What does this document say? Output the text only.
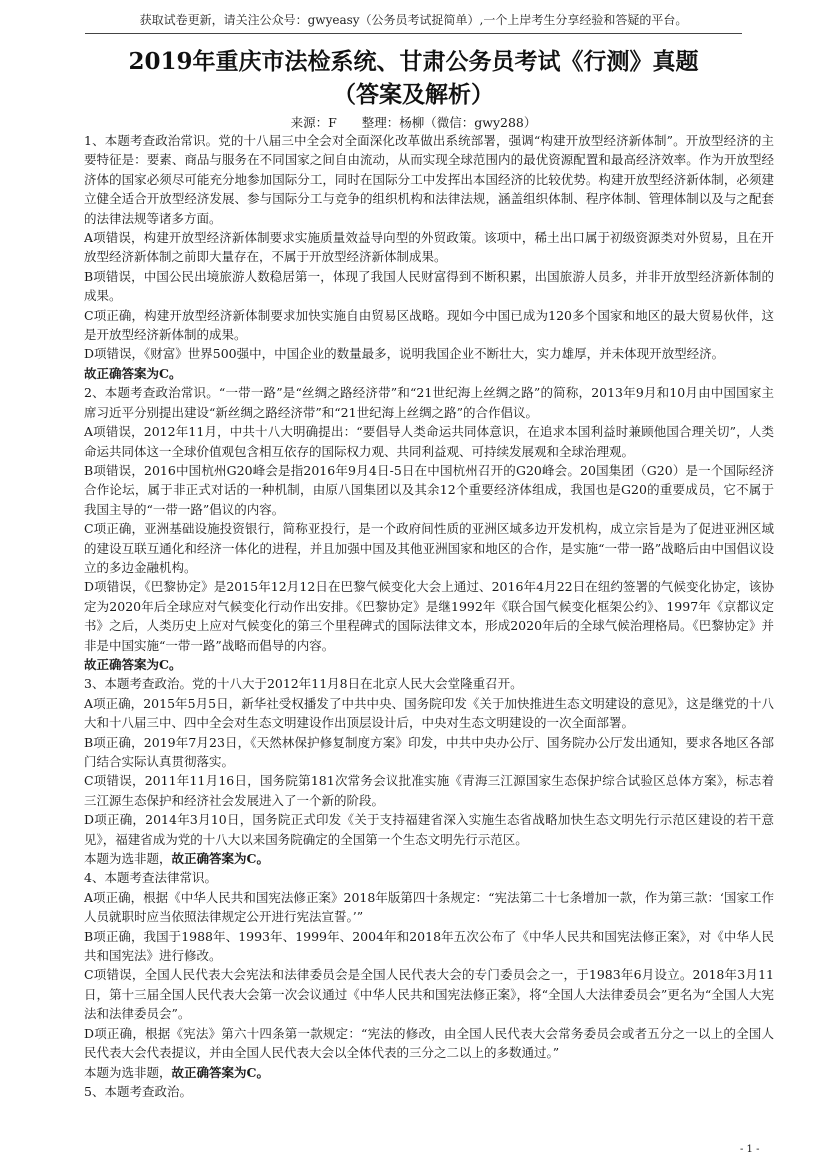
获取试卷更新，请关注公众号：gwyeasy（公务员考试捉简单）,一个上岸考生分享经验和答疑的平台。
2019年重庆市法检系统、甘肃公务员考试《行测》真题
（答案及解析）
来源：F　　整理：杨柳（微信：gwy288）

1、本题考查政治常识。党的十八届三中全会对全面深化改革做出系统部署，强调“构建开放型经济新体制”。开放型经济的主要特征是：要素、商品与服务在不同国家之间自由流动，从而实现全球范围内的最优资源配置和最高经济效率。作为开放型经济体的国家必须尽可能充分地参加国际分工，同时在国际分工中发挥出本国经济的比较优势。构建开放型经济新体制，必须建立健全适合开放型经济发展、参与国际分工与竞争的组织机构和法律法规，涵盖组织体制、程序体制、管理体制以及与之配套的法律法规等诸多方面。

A项错误，构建开放型经济新体制要求实施质量效益导向型的外贸政策。该项中，稀土出口属于初级资源类对外贸易，且在开放型经济新体制之前即大量存在，不属于开放型经济新体制成果。

B项错误，中国公民出境旅游人数稳居第一，体现了我国人民财富得到不断积累，出国旅游人员多，并非开放型经济新体制的成果。

C项正确，构建开放型经济新体制要求加快实施自由贸易区战略。现如今中国已成为120多个国家和地区的最大贸易伙伴，这是开放型经济新体制的成果。

D项错误，《财富》世界500强中，中国企业的数量最多，说明我国企业不断壮大，实力雄厚，并未体现开放型经济。

故正确答案为C。

2、本题考查政治常识。“一带一路”是“丝绸之路经济带”和“21世纪海上丝绸之路”的简称，2013年9月和10月由中国国家主席习近平分别提出建设“新丝绸之路经济带”和“21世纪海上丝绸之路”的合作倡议。

A项错误，2012年11月，中共十八大明确提出：“要倡导人类命运共同体意识，在追求本国利益时兼顾他国合理关切”，人类命运共同体这一全球价值观包含相互依存的国际权力观、共同利益观、可持续发展观和全球治理观。

B项错误，2016中国杭州G20峰会是指2016年9月4日-5日在中国杭州召开的G20峰会。20国集团（G20）是一个国际经济合作论坛，属于非正式对话的一种机制，由原八国集团以及其余12个重要经济体组成，我国也是G20的重要成员，它不属于我国主导的“一带一路”倡议的内容。

C项正确，亚洲基础设施投资银行，简称亚投行，是一个政府间性质的亚洲区域多边开发机构，成立宗旨是为了促进亚洲区域的建设互联互通化和经济一体化的进程，并且加强中国及其他亚洲国家和地区的合作，是实施“一带一路”战略后由中国倡议设立的多边金融机构。

D项错误，《巴黎协定》是2015年12月12日在巴黎气候变化大会上通过、2016年4月22日在纽约签署的气候变化协定，该协定为2020年后全球应对气候变化行动作出安排。《巴黎协定》是继1992年《联合国气候变化框架公约》、1997年《京都议定书》之后，人类历史上应对气候变化的第三个里程碑式的国际法律文本，形成2020年后的全球气候治理格局。《巴黎协定》并非是中国实施“一带一路”战略而倡导的内容。

故正确答案为C。

3、本题考查政治。党的十八大于2012年11月8日在北京人民大会堂隆重召开。

A项正确，2015年5月5日，新华社受权播发了中共中央、国务院印发《关于加快推进生态文明建设的意见》，这是继党的十八大和十八届三中、四中全会对生态文明建设作出顶层设计后，中央对生态文明建设的一次全面部署。

B项正确，2019年7月23日，《天然林保护修复制度方案》印发，中共中央办公厅、国务院办公厅发出通知，要求各地区各部门结合实际认真贯彻落实。

C项错误，2011年11月16日，国务院第181次常务会议批准实施《青海三江源国家生态保护综合试验区总体方案》，标志着三江源生态保护和经济社会发展进入了一个新的阶段。

D项正确，2014年3月10日，国务院正式印发《关于支持福建省深入实施生态省战略加快生态文明先行示范区建设的若干意见》，福建省成为党的十八大以来国务院确定的全国第一个生态文明先行示范区。

本题为选非题，故正确答案为C。

4、本题考查法律常识。

A项正确，根据《中华人民共和国宪法修正案》2018年版第四十条规定：“宪法第二十七条增加一款，作为第三款：‘国家工作人员就职时应当依照法律规定公开进行宪法宣誓。’”

B项正确，我国于1988年、1993年、1999年、2004年和2018年五次公布了《中华人民共和国宪法修正案》，对《中华人民共和国宪法》进行修改。

C项错误，全国人民代表大会宪法和法律委员会是全国人民代表大会的专门委员会之一，于1983年6月设立。2018年3月11日，第十三届全国人民代表大会第一次会议通过《中华人民共和国宪法修正案》，将“全国人大法律委员会”更名为“全国人大宪法和法律委员会”。

D项正确，根据《宪法》第六十四条第一款规定：“宪法的修改，由全国人民代表大会常务委员会或者五分之一以上的全国人民代表大会代表提议，并由全国人民代表大会以全体代表的三分之二以上的多数通过。”

本题为选非题，故正确答案为C。

5、本题考查政治。

- 1 -
